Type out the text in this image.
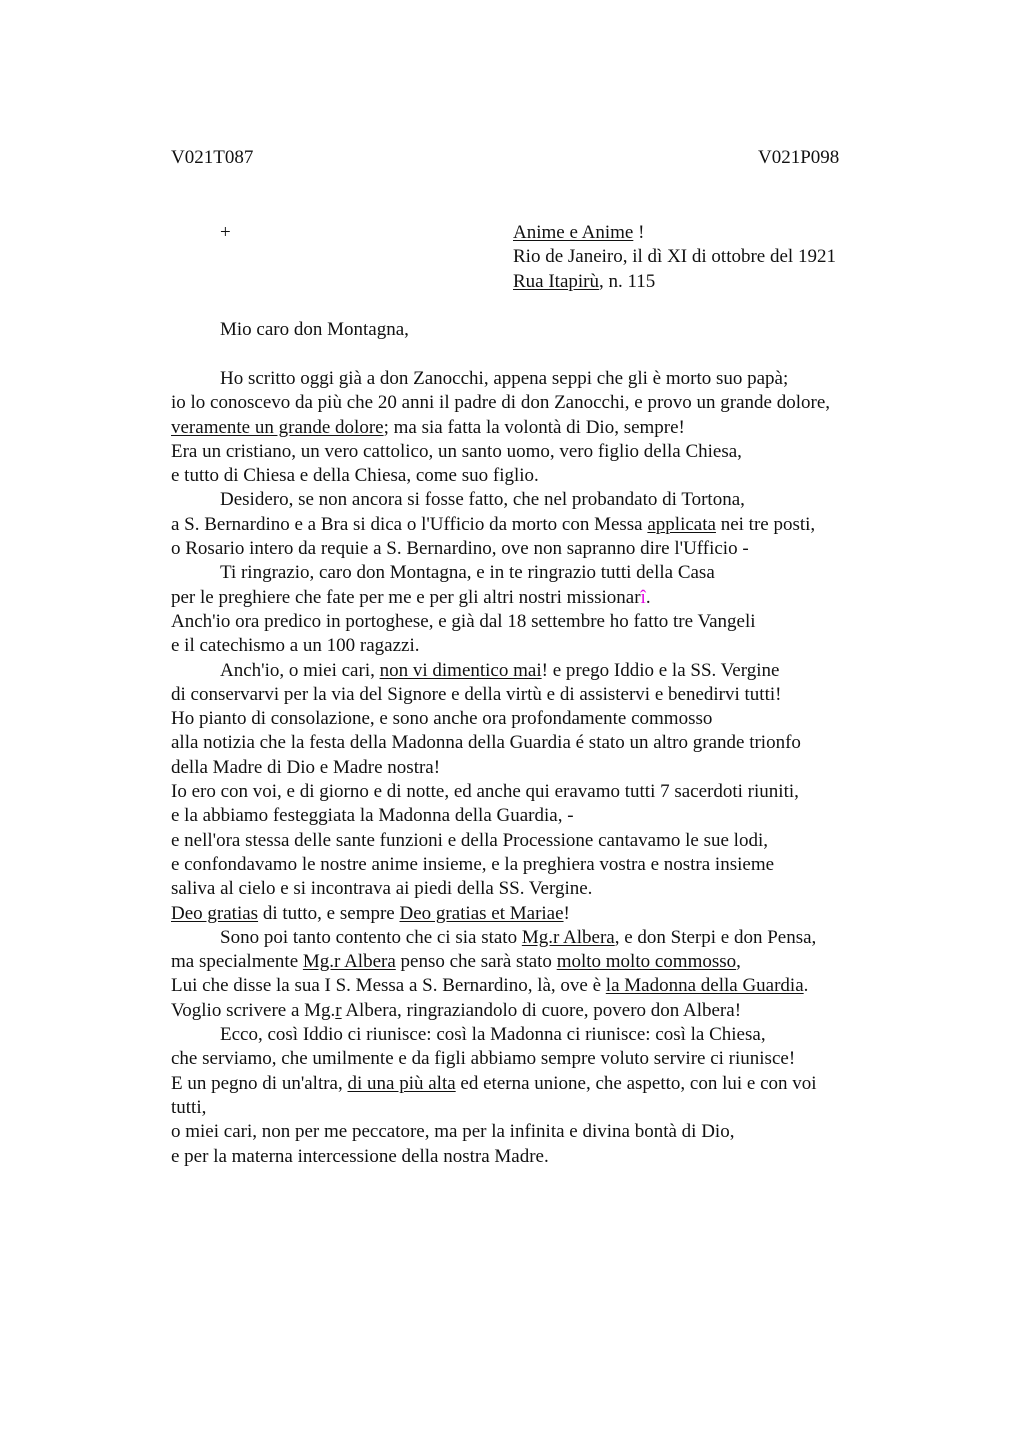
V021T087	V021P098
+	Anime e Anime !
Rio de Janeiro, il dì XI di ottobre del 1921
Rua Itapirù, n. 115
Mio caro don Montagna,
Ho scritto oggi già a don Zanocchi, appena seppi che gli è morto suo papà;
io lo conoscevo da più che 20 anni il padre di don Zanocchi, e provo un grande dolore,
veramente un grande dolore; ma sia fatta la volontà di Dio, sempre!
Era un cristiano, un vero cattolico, un santo uomo, vero figlio della Chiesa,
e tutto di Chiesa e della Chiesa, come suo figlio.
Desidero, se non ancora si fosse fatto, che nel probandato di Tortona,
a S. Bernardino e a Bra si dica o l'Ufficio da morto con Messa applicata nei tre posti,
o Rosario intero da requie a S. Bernardino, ove non sapranno dire l'Ufficio -
Ti ringrazio, caro don Montagna, e in te ringrazio tutti della Casa
per le preghiere che fate per me e per gli altri nostri missionarî.
Anch'io ora predico in portoghese, e già dal 18 settembre ho fatto tre Vangeli
e il catechismo a un 100 ragazzi.
Anch'io, o miei cari, non vi dimentico mai! e prego Iddio e la SS. Vergine
di conservarvi per la via del Signore e della virtù e di assistervi e benedirvi tutti!
Ho pianto di consolazione, e sono anche ora profondamente commosso
alla notizia che la festa della Madonna della Guardia é stato un altro grande trionfo
della Madre di Dio e Madre nostra!
Io ero con voi, e di giorno e di notte, ed anche qui eravamo tutti 7 sacerdoti riuniti,
e la abbiamo festeggiata la Madonna della Guardia, -
e nell'ora stessa delle sante funzioni e della Processione cantavamo le sue lodi,
e confondavamo le nostre anime insieme, e la preghiera vostra e nostra insieme
saliva al cielo e si incontrava ai piedi della SS. Vergine.
Deo gratias di tutto, e sempre Deo gratias et Mariae!
Sono poi tanto contento che ci sia stato Mg.r Albera, e don Sterpi e don Pensa,
ma specialmente Mg.r Albera penso che sarà stato molto molto commosso,
Lui che disse la sua I S. Messa a S. Bernardino, là, ove è la Madonna della Guardia.
Voglio scrivere a Mg.r Albera, ringraziandolo di cuore, povero don Albera!
Ecco, così Iddio ci riunisce: così la Madonna ci riunisce: così la Chiesa,
che serviamo, che umilmente e da figli abbiamo sempre voluto servire ci riunisce!
E un pegno di un'altra, di una più alta ed eterna unione, che aspetto, con lui e con voi
tutti,
o miei cari, non per me peccatore, ma per la infinita e divina bontà di Dio,
e per la materna intercessione della nostra Madre.
